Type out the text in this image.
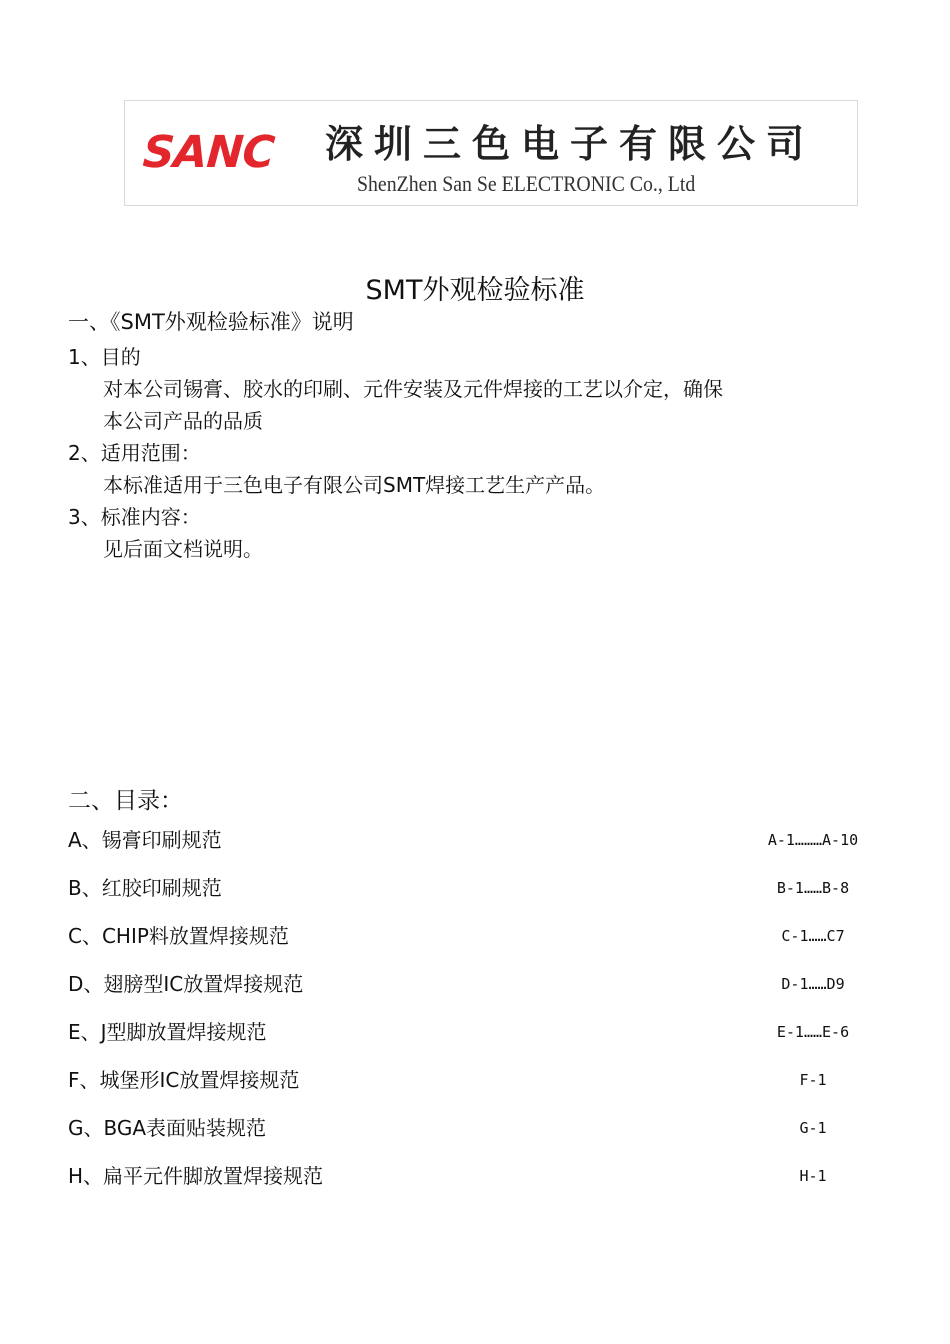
SANC 深圳三色电子有限公司
ShenZhen San Se ELECTRONIC Co., Ltd
SMT外观检验标准
一、《SMT外观检验标准》说明
1、目的
对本公司锡膏、胶水的印刷、元件安装及元件焊接的工艺以介定，确保
本公司产品的品质
2、适用范围：
本标准适用于三色电子有限公司SMT焊接工艺生产产品。
3、标准内容：
见后面文档说明。
二、目录：
A、锡膏印刷规范	A-1………A-10
B、红胶印刷规范	B-1……B-8
C、CHIP料放置焊接规范	C-1……C7
D、翅膀型IC放置焊接规范	D-1……D9
E、J型脚放置焊接规范	E-1……E-6
F、城堡形IC放置焊接规范	F-1
G、BGA表面贴装规范	G-1
H、扁平元件脚放置焊接规范	H-1
